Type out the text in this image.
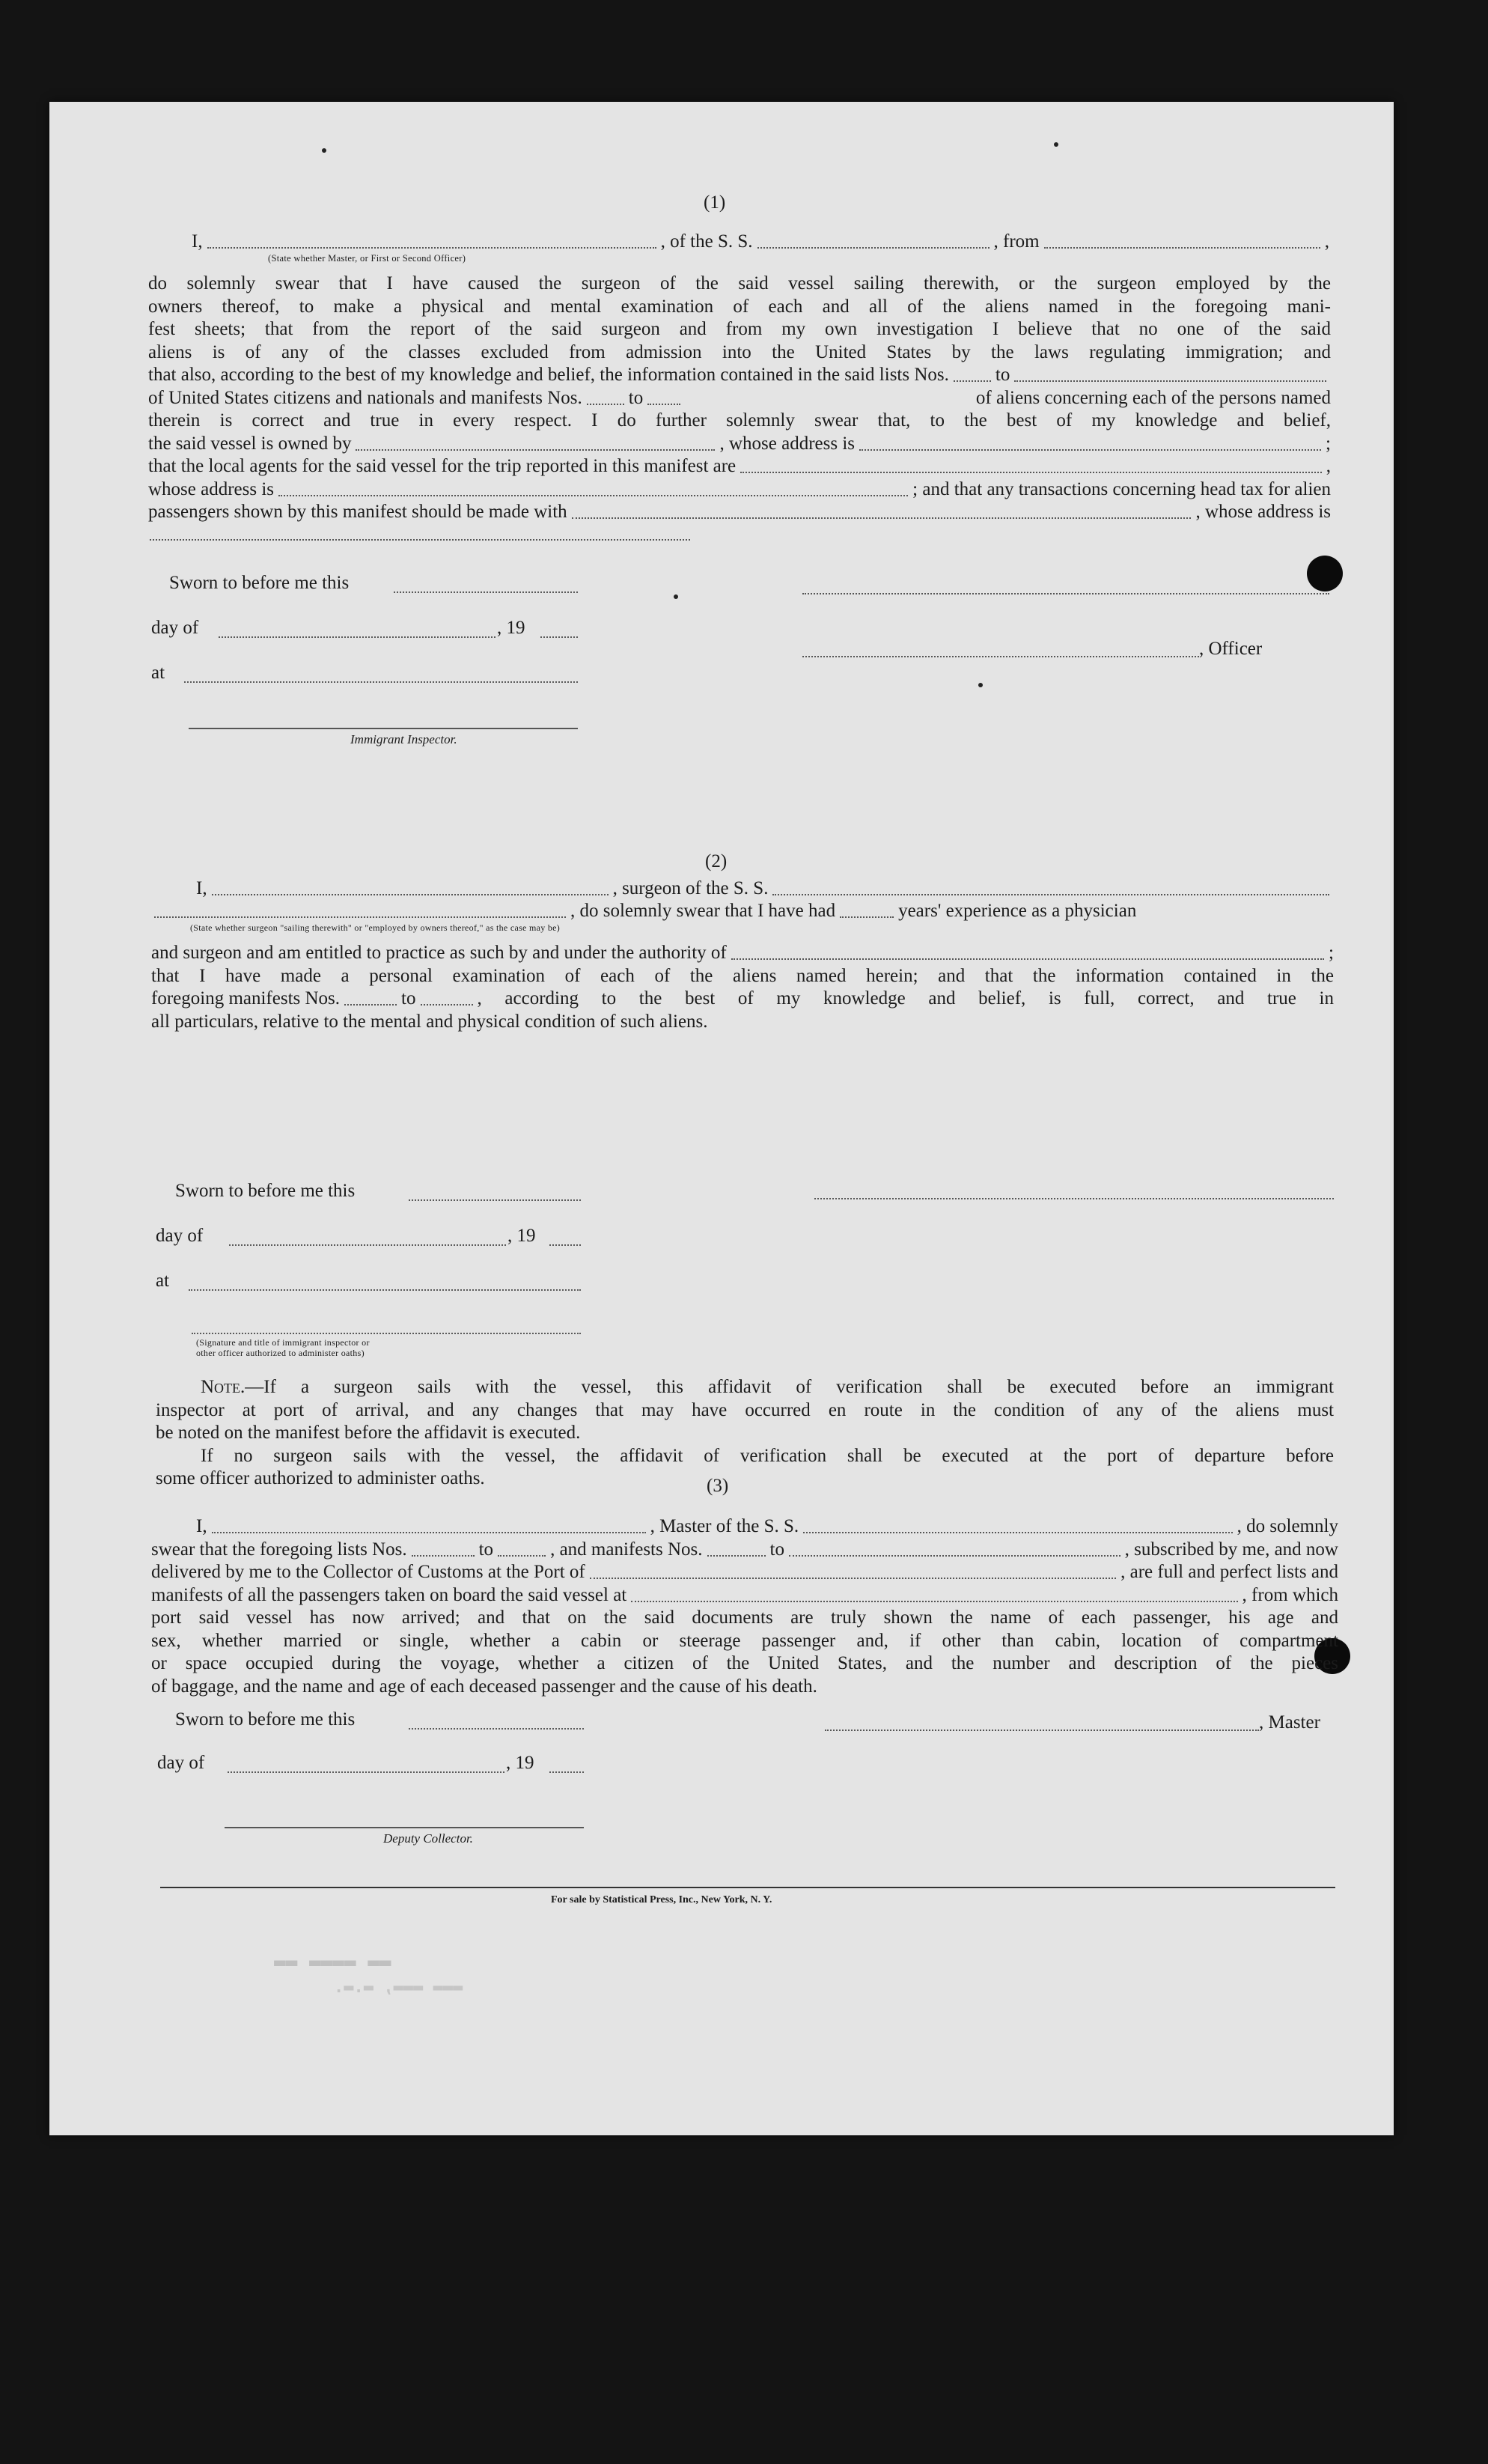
(1)
I,	, of the S. S.	, from	,
(State whether Master, or First or Second Officer)
do solemnly swear that I have caused the surgeon of the said vessel sailing therewith, or the surgeon employed by the
owners thereof, to make a physical and mental examination of each and all of the aliens named in the foregoing mani-
fest sheets; that from the report of the said surgeon and from my own investigation I believe that no one of the said
aliens is of any of the classes excluded from admission into the United States by the laws regulating immigration; and
that also, according to the best of my knowledge and belief, the information contained in the said lists Nos. to
of United States citizens and nationals and manifests Nos. to	of aliens concerning each of the persons named
therein is correct and true in every respect. I do further solemnly swear that, to the best of my knowledge and belief,
the said vessel is owned by	, whose address is	;
that the local agents for the said vessel for the trip reported in this manifest are	,
whose address is	; and that any transactions concerning head tax for alien
passengers shown by this manifest should be made with	, whose address is
Sworn to before me this
day of	, 19
at
Immigrant Inspector.
, Officer
(2)
I,	, surgeon of the S. S.
, do solemnly swear that I have had	years' experience as a physician
(State whether surgeon "sailing therewith" or "employed by owners thereof," as the case may be)
and surgeon and am entitled to practice as such by and under the authority of	;
that I have made a personal examination of each of the aliens named herein; and that the information contained in the
foregoing manifests Nos.	to	, according to the best of my knowledge and belief, is full, correct, and true in
all particulars, relative to the mental and physical condition of such aliens.
Sworn to before me this
day of	, 19
at
(Signature and title of immigrant inspector or
other officer authorized to administer oaths)
Note.—If a surgeon sails with the vessel, this affidavit of verification shall be executed before an immigrant
inspector at port of arrival, and any changes that may have occurred en route in the condition of any of the aliens must
be noted on the manifest before the affidavit is executed.
If no surgeon sails with the vessel, the affidavit of verification shall be executed at the port of departure before
some officer authorized to administer oaths.	(3)
I,	, Master of the S. S.	, do solemnly
swear that the foregoing lists Nos.	to	, and manifests Nos.	to	, subscribed by me, and now
delivered by me to the Collector of Customs at the Port of	, are full and perfect lists and
manifests of all the passengers taken on board the said vessel at	, from which
port said vessel has now arrived; and that on the said documents are truly shown the name of each passenger, his age and
sex, whether married or single, whether a cabin or steerage passenger and, if other than cabin, location of compartment
or space occupied during the voyage, whether a citizen of the United States, and the number and description of the pieces
of baggage, and the name and age of each deceased passenger and the cause of his death.
Sworn to before me this
day of	, 19
Deputy Collector.
, Master
For sale by Statistical Press, Inc., New York, N. Y.
▬▬ ▬▬▬▬ ▬▬
▬▬▬ ▬▬▬, ▬.▬.
